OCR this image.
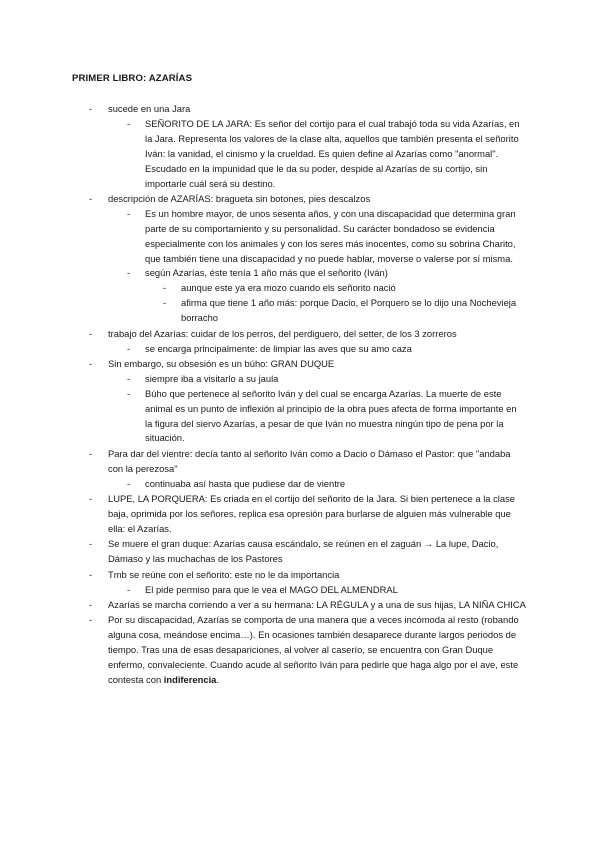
PRIMER LIBRO: AZARÍAS
- sucede en una Jara
- SEÑORITO DE LA JARA: Es señor del cortijo para el cual trabajó toda su vida Azarías, en la Jara. Representa los valores de la clase alta, aquellos que también presenta el señorito Iván: la vanidad, el cinismo y la crueldad. Es quien define al Azarías como "anormal". Escudado en la impunidad que le da su poder, despide al Azarías de su cortijo, sin importarle cuál será su destino.
- descripción de AZARÍAS: bragueta sin botones, pies descalzos
- Es un hombre mayor, de unos sesenta años, y con una discapacidad que determina gran parte de su comportamiento y su personalidad. Su carácter bondadoso se evidencia especialmente con los animales y con los seres más inocentes, como su sobrina Charito, que también tiene una discapacidad y no puede hablar, moverse o valerse por sí misma.
- según Azarías, éste tenía 1 año más que el señorito (Iván)
- aunque este ya era mozo cuando els señorito nació
- afirma que tiene 1 año más: porque Dacio, el Porquero se lo dijo una Nochevieja borracho
- trabajo del Azarías: cuidar de los perros, del perdiguero, del setter, de los 3 zorreros
- se encarga principalmente: de limpiar las aves que su amo caza
- Sin embargo, su obsesión es un búho: GRAN DUQUE
- siempre iba a visitarlo a su jaula
- Búho que pertenece al señorito Iván y del cual se encarga Azarías. La muerte de este animal es un punto de inflexión al principio de la obra pues afecta de forma importante en la figura del siervo Azarías, a pesar de que Iván no muestra ningún tipo de pena por la situación.
- Para dar del vientre: decía tanto al señorito Iván como a Dacio o Dámaso el Pastor: que "andaba con la perezosa"
- continuaba así hasta que pudiese dar de vientre
- LUPE, LA PORQUERA: Es criada en el cortijo del señorito de la Jara. Si bien pertenece a la clase baja, oprimida por los señores, replica esa opresión para burlarse de alguien más vulnerable que ella: el Azarías.
- Se muere el gran duque: Azarías causa escándalo, se reúnen en el zaguán → La lupe, Dacio, Dámaso y las muchachas de los Pastores
- Tmb se reúne con el señorito: este no le da importancia
- El pide permiso para que le vea el MAGO DEL ALMENDRAL
- Azarías se marcha corriendo a ver a su hermana: LA RÉGULA y a una de sus hijas, LA NIÑA CHICA
- Por su discapacidad, Azarías se comporta de una manera que a veces incómoda al resto (robando alguna cosa, meándose encima…). En ocasiones también desaparece durante largos periodos de tiempo. Tras una de esas desapariciones, al volver al caserío, se encuentra con Gran Duque enfermo, convaleciente. Cuando acude al señorito Iván para pedirle que haga algo por el ave, este contesta con indiferencia.
